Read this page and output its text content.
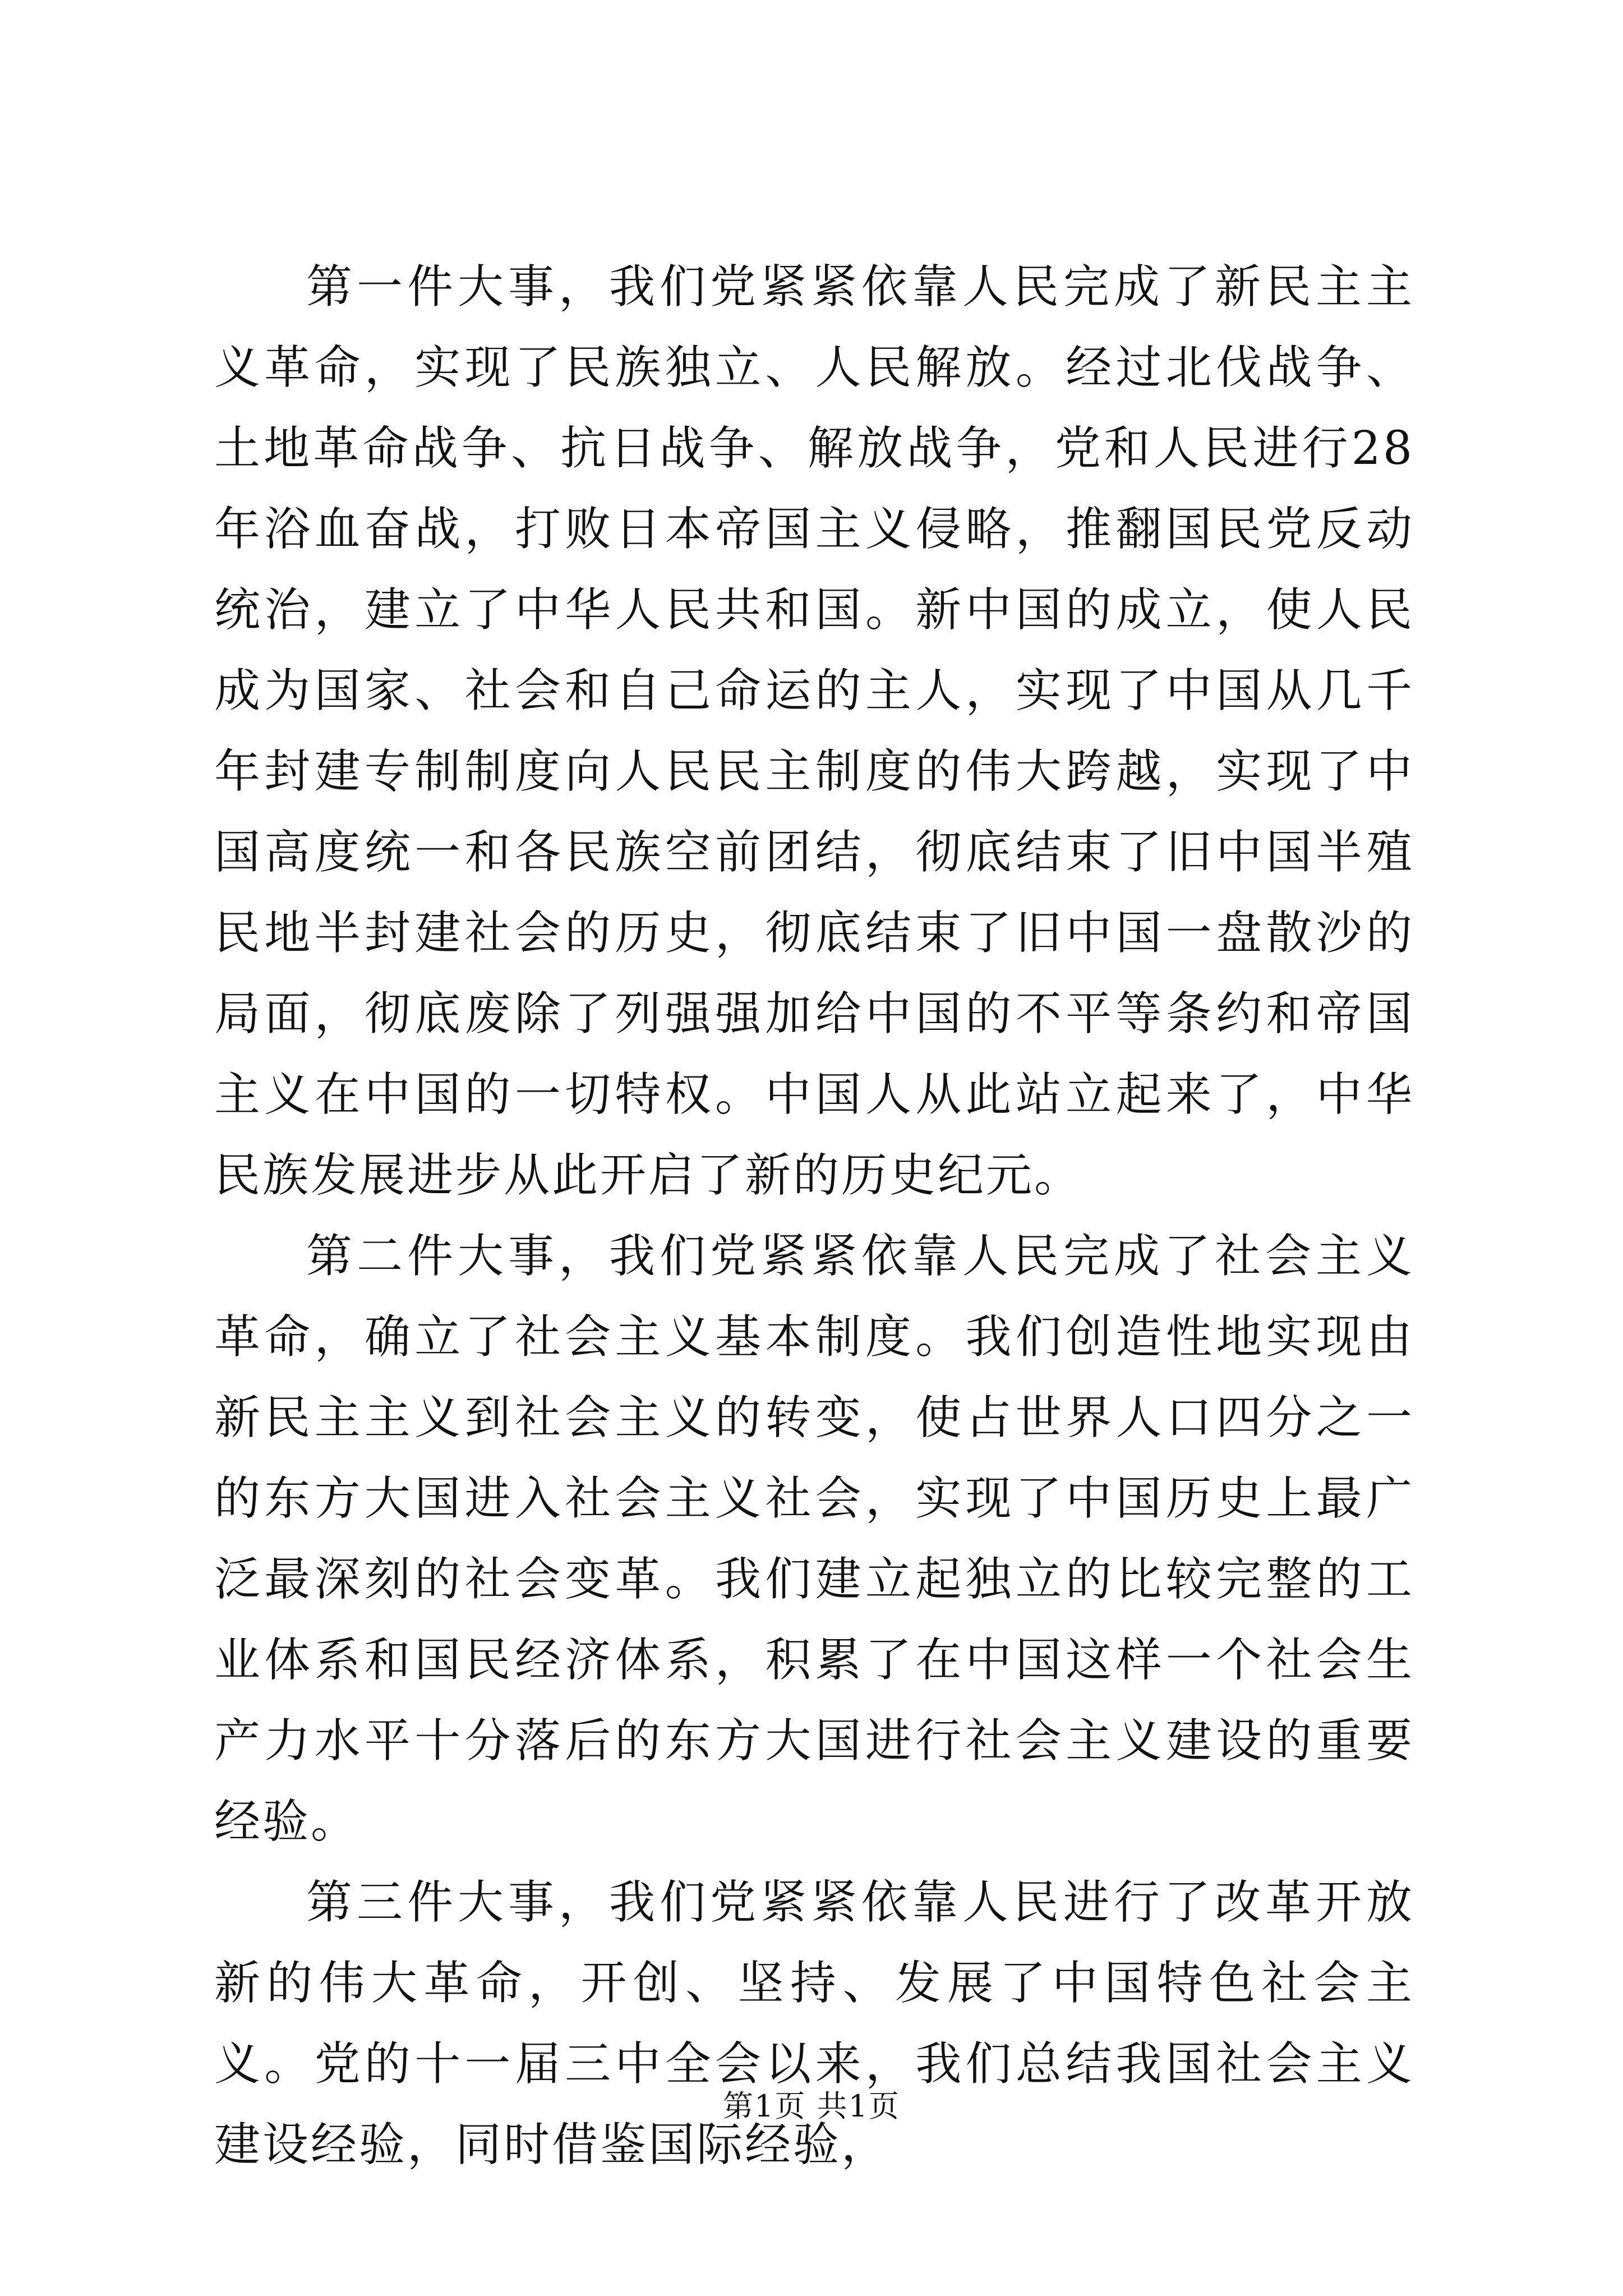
第一件大事，我们党紧紧依靠人民完成了新民主主义革命，实现了民族独立、人民解放。经过北伐战争、土地革命战争、抗日战争、解放战争，党和人民进行28年浴血奋战，打败日本帝国主义侵略，推翻国民党反动统治，建立了中华人民共和国。新中国的成立，使人民成为国家、社会和自己命运的主人，实现了中国从几千年封建专制制度向人民民主制度的伟大跨越，实现了中国高度统一和各民族空前团结，彻底结束了旧中国半殖民地半封建社会的历史，彻底结束了旧中国一盘散沙的局面，彻底废除了列强强加给中国的不平等条约和帝国主义在中国的一切特权。中国人从此站立起来了，中华民族发展进步从此开启了新的历史纪元。

第二件大事，我们党紧紧依靠人民完成了社会主义革命，确立了社会主义基本制度。我们创造性地实现由新民主主义到社会主义的转变，使占世界人口四分之一的东方大国进入社会主义社会，实现了中国历史上最广泛最深刻的社会变革。我们建立起独立的比较完整的工业体系和国民经济体系，积累了在中国这样一个社会生产力水平十分落后的东方大国进行社会主义建设的重要经验。

第三件大事，我们党紧紧依靠人民进行了改革开放新的伟大革命，开创、坚持、发展了中国特色社会主义。党的十一届三中全会以来，我们总结我国社会主义建设经验，同时借鉴国际经验，

第1页 共1页
